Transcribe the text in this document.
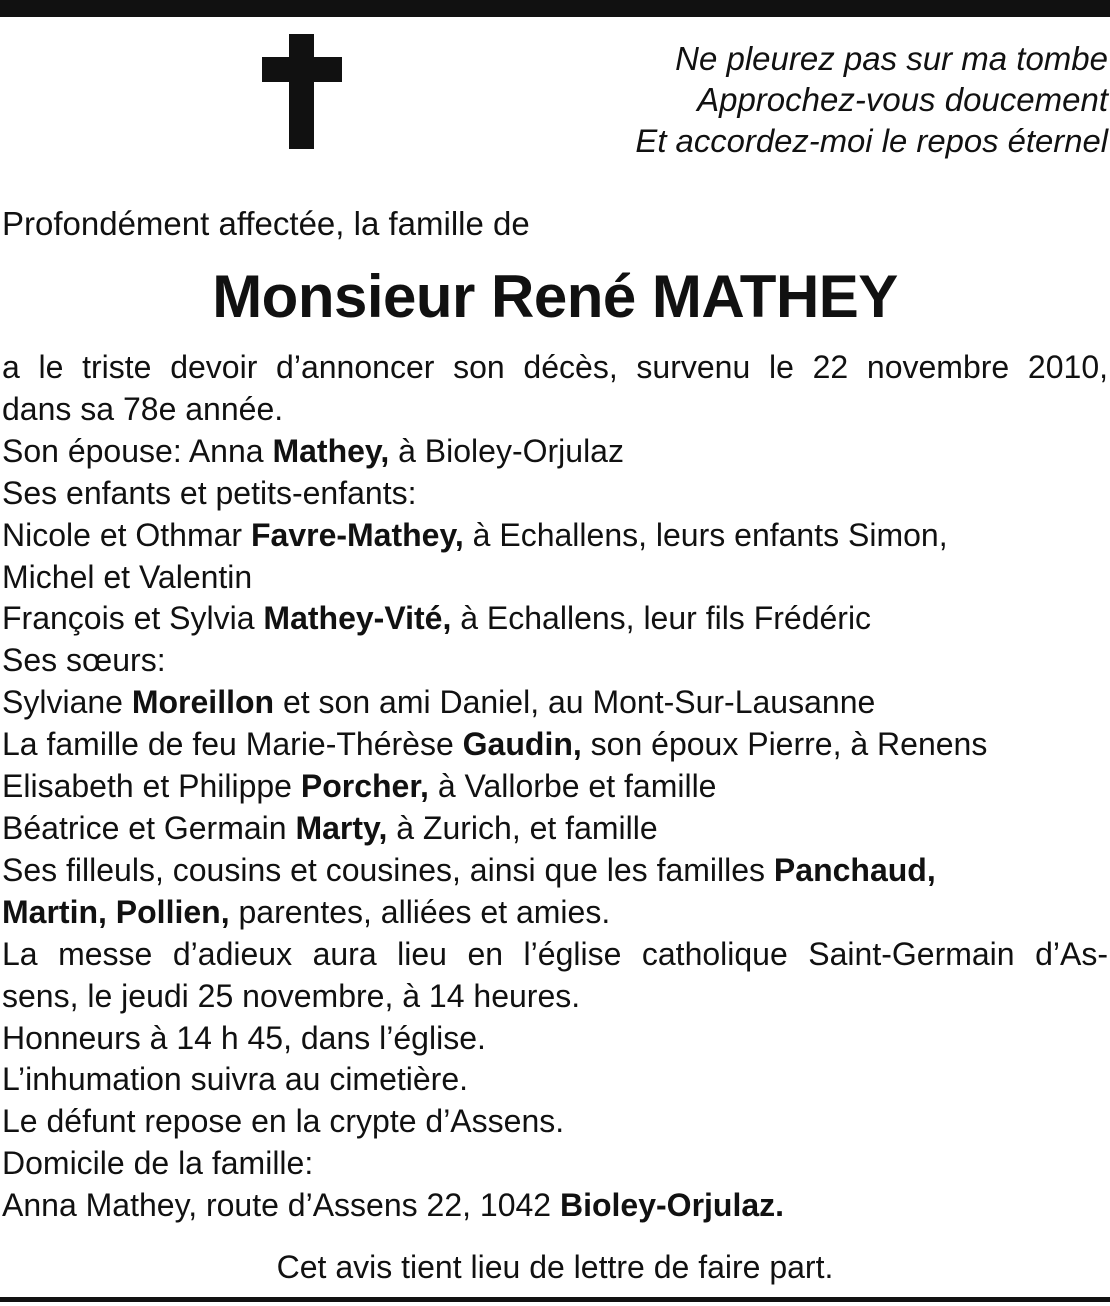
Ne pleurez pas sur ma tombe
Approchez-vous doucement
Et accordez-moi le repos éternel
Profondément affectée, la famille de
Monsieur René MATHEY
a le triste devoir d’annoncer son décès, survenu le 22 novembre 2010,
dans sa 78e année.
Son épouse: Anna Mathey, à Bioley-Orjulaz
Ses enfants et petits-enfants:
Nicole et Othmar Favre-Mathey, à Echallens, leurs enfants Simon,
Michel et Valentin
François et Sylvia Mathey-Vité, à Echallens, leur fils Frédéric
Ses sœurs:
Sylviane Moreillon et son ami Daniel, au Mont-Sur-Lausanne
La famille de feu Marie-Thérèse Gaudin, son époux Pierre, à Renens
Elisabeth et Philippe Porcher, à Vallorbe et famille
Béatrice et Germain Marty, à Zurich, et famille
Ses filleuls, cousins et cousines, ainsi que les familles Panchaud,
Martin, Pollien, parentes, alliées et amies.
La messe d’adieux aura lieu en l’église catholique Saint-Germain d’As-
sens, le jeudi 25 novembre, à 14 heures.
Honneurs à 14 h 45, dans l’église.
L’inhumation suivra au cimetière.
Le défunt repose en la crypte d’Assens.
Domicile de la famille:
Anna Mathey, route d’Assens 22, 1042 Bioley-Orjulaz.
Cet avis tient lieu de lettre de faire part.
